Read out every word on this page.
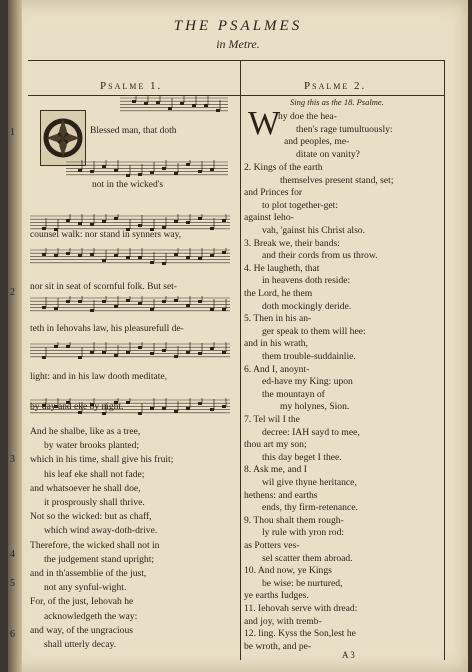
THE PSALMES
in Metre.
Psalme 1.	Psalme 2.
Sing this as the 18. Psalme.
W
A 3
1
2
3
4
5
6
Blessed man, that doth
not in the wicked's
counsel walk: nor stand in synners way,
nor sit in seat of scornful folk. But set-
teth in Iehovahs law, his pleasurefull de-
light: and in his law dooth meditate,
by day and eke by night.
And he shalbe, like as a tree,
by water brooks planted;
which in his time, shall give his fruit;
his leaf eke shall not fade;
and whatsoever he shall doe,
it prosprously shall thrive.
Not so the wicked: but as chaff,
which wind away-doth-drive.
Therefore, the wicked shall not in
the judgement stand upright;
and in th'assemblie of the just,
not any synful-wight.
For, of the just, Iehovah he
acknowledgeth the way:
and way, of the ungracious
shall utterly decay.
hy doe the hea-
then's rage tumultuously:
and peoples, me-
ditate on vanity?
2. Kings of the earth
themselves present stand, set;
and Princes for
to plot together-get:
against Ieho-
vah, 'gainst his Christ also.
3. Break we, their bands:
and their cords from us throw.
4. He laugheth, that
in heavens doth reside:
the Lord, he them
doth mockingly deride.
5. Then in his an-
ger speak to them will hee:
and in his wrath,
them trouble-suddainlie.
6. And I, anoynt-
ed-have my King: upon
the mountayn of
my holynes, Sion.
7. Tel wil I the
decree: IAH sayd to mee,
thou art my son;
this day beget I thee.
8. Ask me, and I
wil give thyne heritance,
hethens: and earths
ends, thy firm-retenance.
9. Thou shalt them rough-
ly rule with yron rod:
as Potters ves-
sel scatter them abroad.
10. And now, ye Kings
be wise: be nurtured,
ye earths Iudges.
11. Iehovah serve with dread:
and joy, with tremb-
12. ling. Kyss the Son,lest he
be wroth, and pe-
